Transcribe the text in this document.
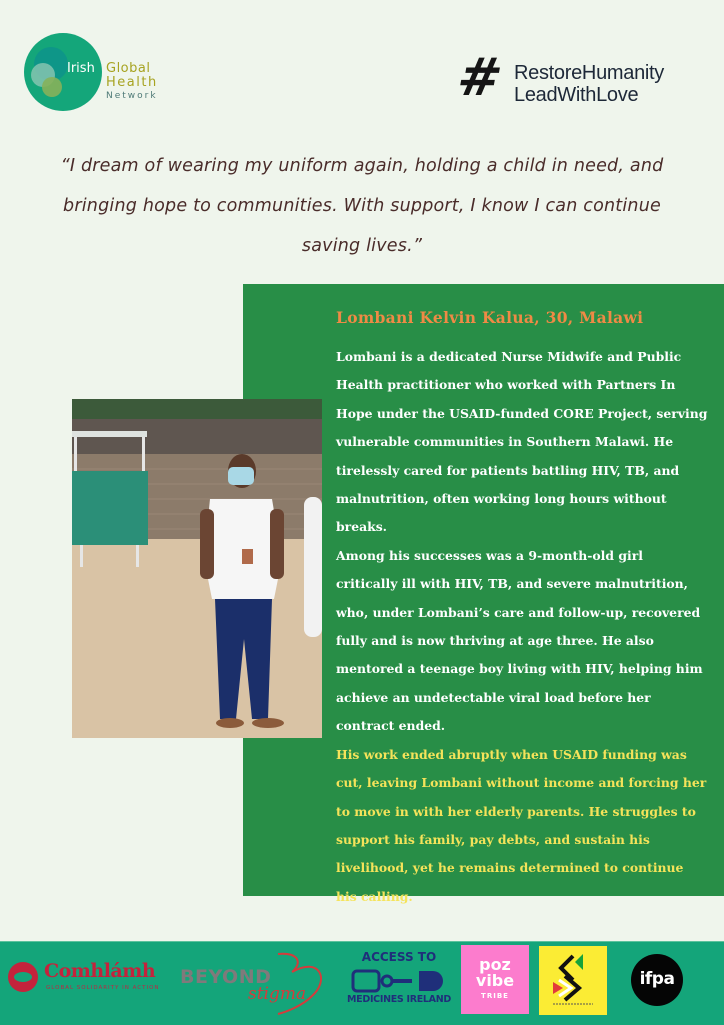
Irish Global
Health
Network	# RestoreHumanity
LeadWithLove
“I dream of wearing my uniform again, holding a child in need, and bringing hope to communities. With support, I know I can continue saving lives.”
Lombani Kelvin Kalua, 30, Malawi

Lombani is a dedicated Nurse Midwife and Public Health practitioner who worked with Partners In Hope under the USAID-funded CORE Project, serving vulnerable communities in Southern Malawi. He tirelessly cared for patients battling HIV, TB, and malnutrition, often working long hours without breaks.

Among his successes was a 9-month-old girl critically ill with HIV, TB, and severe malnutrition, who, under Lombani’s care and follow-up, recovered fully and is now thriving at age three. He also mentored a teenage boy living with HIV, helping him achieve an undetectable viral load before her contract ended.

His work ended abruptly when USAID funding was cut, leaving Lombani without income and forcing her to move in with her elderly parents. He struggles to support his family, pay debts, and sustain his livelihood, yet he remains determined to continue his calling.

Comhlámh
GLOBAL SOLIDARITY IN ACTION BEYOND
stigma
ACCESS TO
MEDICINES IRELAND
poz
vibe
TRIBE
ifpa
